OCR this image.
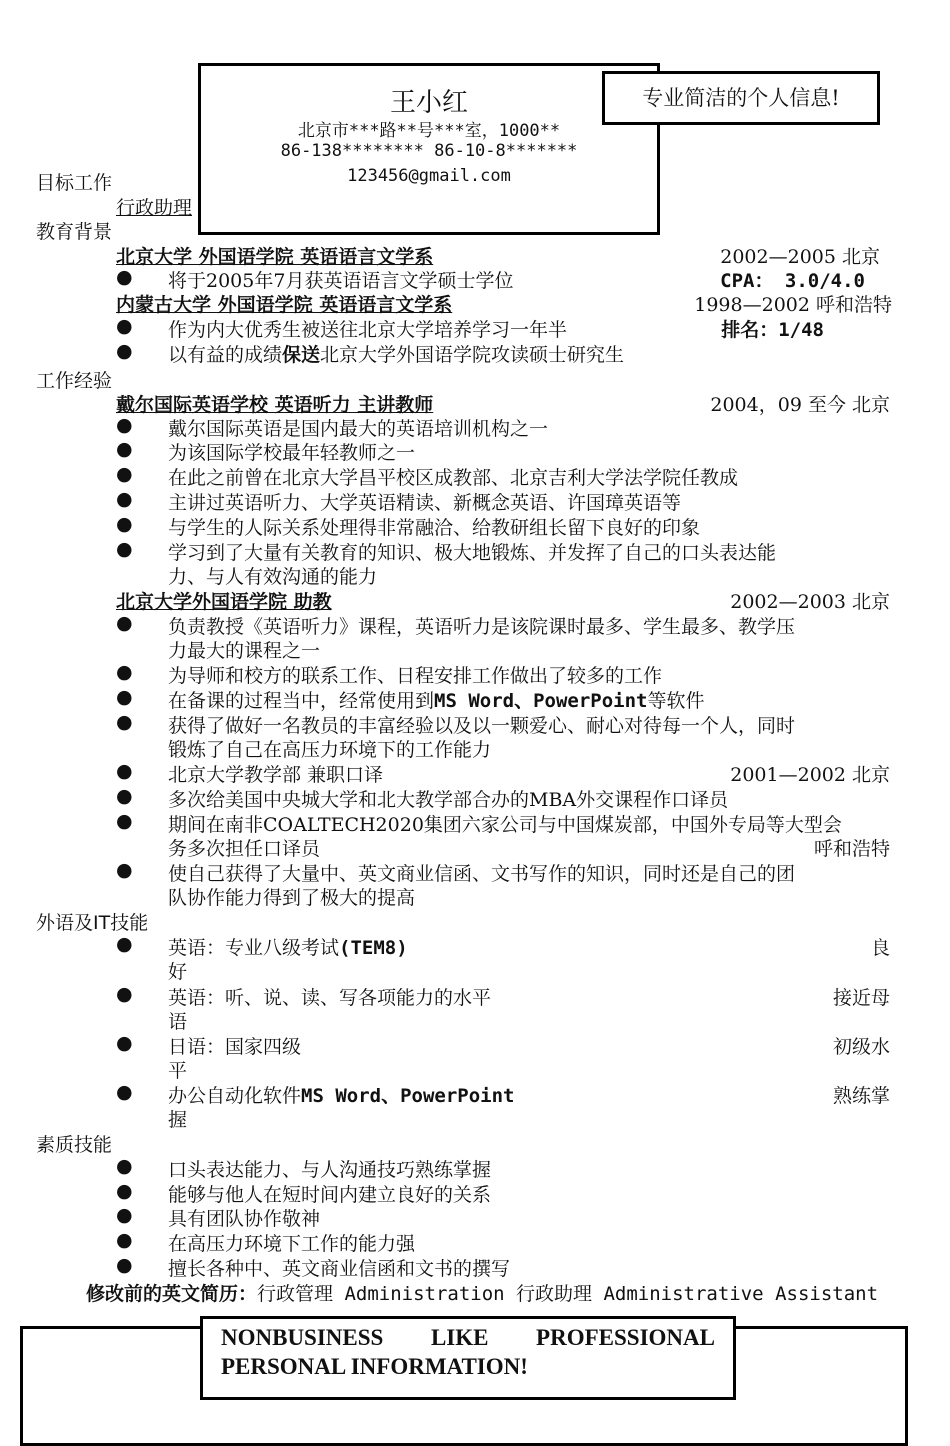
目标工作
行政助理
教育背景
王小红
北京市***路**号***室，1000**
86-138******** 86-10-8*******
123456@gmail.com
专业简洁的个人信息!
北京大学 外国语学院 英语语言文学系	2002—2005 北京
● 将于2005年7月获英语语言文学硕士学位	CPA： 3.0/4.0
内蒙古大学 外国语学院 英语语言文学系	1998—2002 呼和浩特
● 作为内大优秀生被送往北京大学培养学习一年半	排名：1/48
● 以有益的成绩保送北京大学外国语学院攻读硕士研究生
工作经验
戴尔国际英语学校 英语听力 主讲教师	2004，09 至今 北京
● 戴尔国际英语是国内最大的英语培训机构之一
● 为该国际学校最年轻教师之一
● 在此之前曾在北京大学昌平校区成教部、北京吉利大学法学院任教成
● 主讲过英语听力、大学英语精读、新概念英语、许国璋英语等
● 与学生的人际关系处理得非常融洽、给教研组长留下良好的印象
● 学习到了大量有关教育的知识、极大地锻炼、并发挥了自己的口头表达能
力、与人有效沟通的能力
北京大学外国语学院 助教	2002—2003 北京
● 负责教授《英语听力》课程，英语听力是该院课时最多、学生最多、教学压
力最大的课程之一
● 为导师和校方的联系工作、日程安排工作做出了较多的工作
● 在备课的过程当中，经常使用到MS Word、PowerPoint等软件
● 获得了做好一名教员的丰富经验以及以一颗爱心、耐心对待每一个人，同时
锻炼了自己在高压力环境下的工作能力
● 北京大学教学部 兼职口译	2001—2002 北京
● 多次给美国中央城大学和北大教学部合办的MBA外交课程作口译员
● 期间在南非COALTECH2020集团六家公司与中国煤炭部，中国外专局等大型会
务多次担任口译员	呼和浩特
● 使自己获得了大量中、英文商业信函、文书写作的知识，同时还是自己的团
队协作能力得到了极大的提高
外语及IT技能
● 英语：专业八级考试(TEM8)	良
好
● 英语：听、说、读、写各项能力的水平	接近母
语
● 日语：国家四级	初级水
平
● 办公自动化软件MS Word、PowerPoint	熟练掌
握
素质技能
● 口头表达能力、与人沟通技巧熟练掌握
● 能够与他人在短时间内建立良好的关系
● 具有团队协作敬神
● 在高压力环境下工作的能力强
● 擅长各种中、英文商业信函和文书的撰写
修改前的英文简历：行政管理 Administration 行政助理 Administrative Assistant
NONBUSINESS LIKE PROFESSIONAL PERSONAL INFORMATION!
